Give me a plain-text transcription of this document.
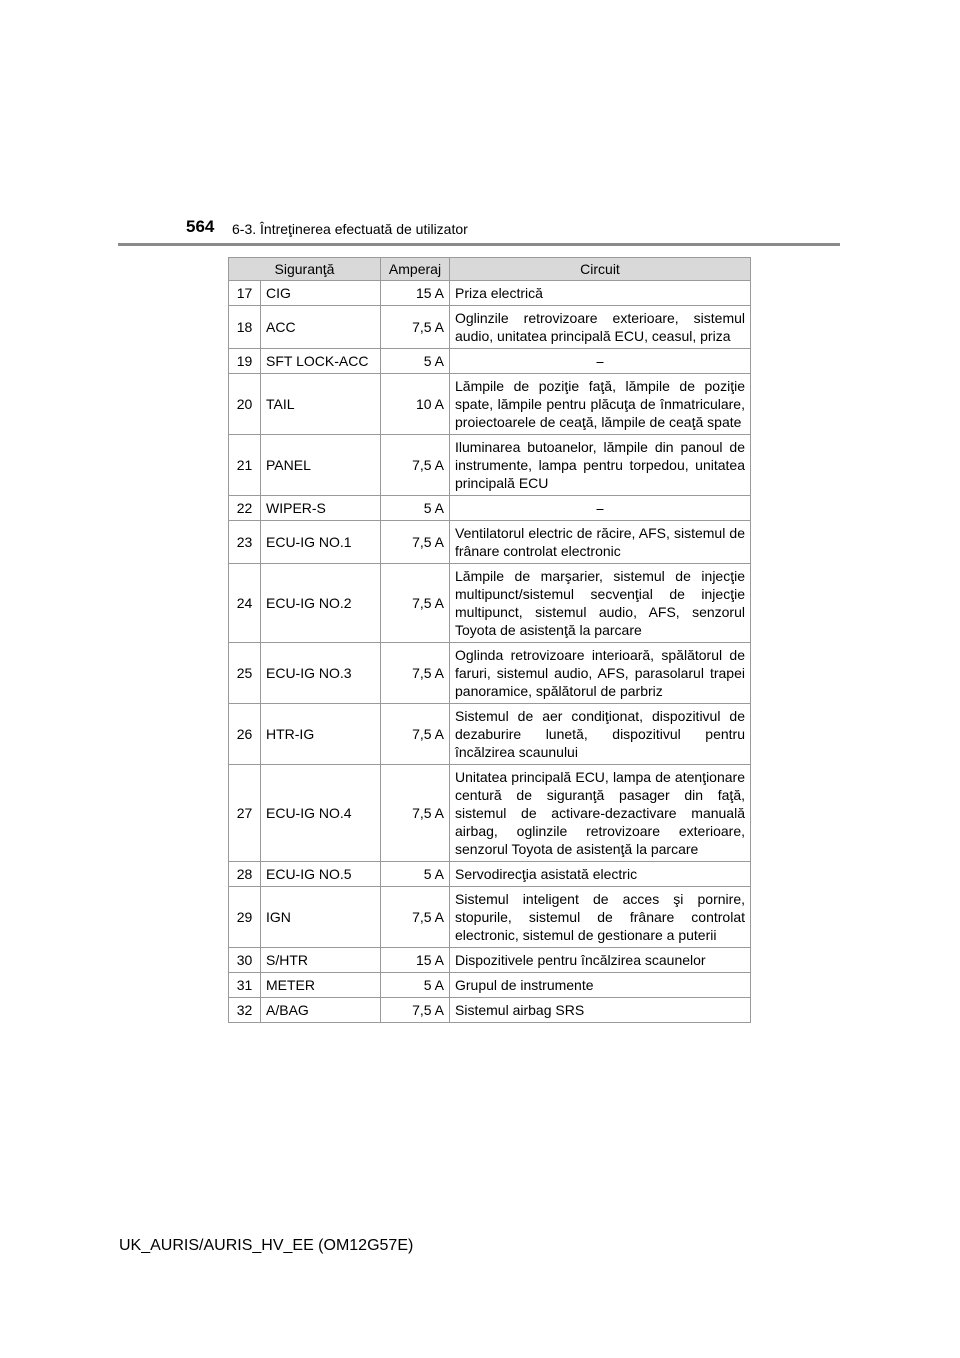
564 6-3. Întreţinerea efectuată de utilizator
Siguranţă		Amperaj	Circuit
17	CIG	15 A	Priza electrică
18	ACC	7,5 A	Oglinzile retrovizoare exterioare, sistemul audio, unitatea principală ECU, ceasul, priza
19	SFT LOCK-ACC	5 A	⎯
20	TAIL	10 A	Lămpile de poziţie faţă, lămpile de poziţie spate, lămpile pentru plăcuţa de înmatriculare, proiectoarele de ceaţă, lămpile de ceaţă spate
21	PANEL	7,5 A	Iluminarea butoanelor, lămpile din panoul de instrumente, lampa pentru torpedou, unitatea principală ECU
22	WIPER-S	5 A	⎯
23	ECU-IG NO.1	7,5 A	Ventilatorul electric de răcire, AFS, sistemul de frânare controlat electronic
24	ECU-IG NO.2	7,5 A	Lămpile de marşarier, sistemul de injecţie multipunct/sistemul secvenţial de injecţie multipunct, sistemul audio, AFS, senzorul Toyota de asistenţă la parcare
25	ECU-IG NO.3	7,5 A	Oglinda retrovizoare interioară, spălătorul de faruri, sistemul audio, AFS, parasolarul trapei panoramice, spălătorul de parbriz
26	HTR-IG	7,5 A	Sistemul de aer condiţionat, dispozitivul de dezaburire lunetă, dispozitivul pentru încălzirea scaunului
27	ECU-IG NO.4	7,5 A	Unitatea principală ECU, lampa de atenţionare centură de siguranţă pasager din faţă, sistemul de activare-dezactivare manuală airbag, oglinzile retrovizoare exterioare, senzorul Toyota de asistenţă la parcare
28	ECU-IG NO.5	5 A	Servodirecţia asistată electric
29	IGN	7,5 A	Sistemul inteligent de acces şi pornire, stopurile, sistemul de frânare controlat electronic, sistemul de gestionare a puterii
30	S/HTR	15 A	Dispozitivele pentru încălzirea scaunelor
31	METER	5 A	Grupul de instrumente
32	A/BAG	7,5 A	Sistemul airbag SRS
UK_AURIS/AURIS_HV_EE (OM12G57E)
